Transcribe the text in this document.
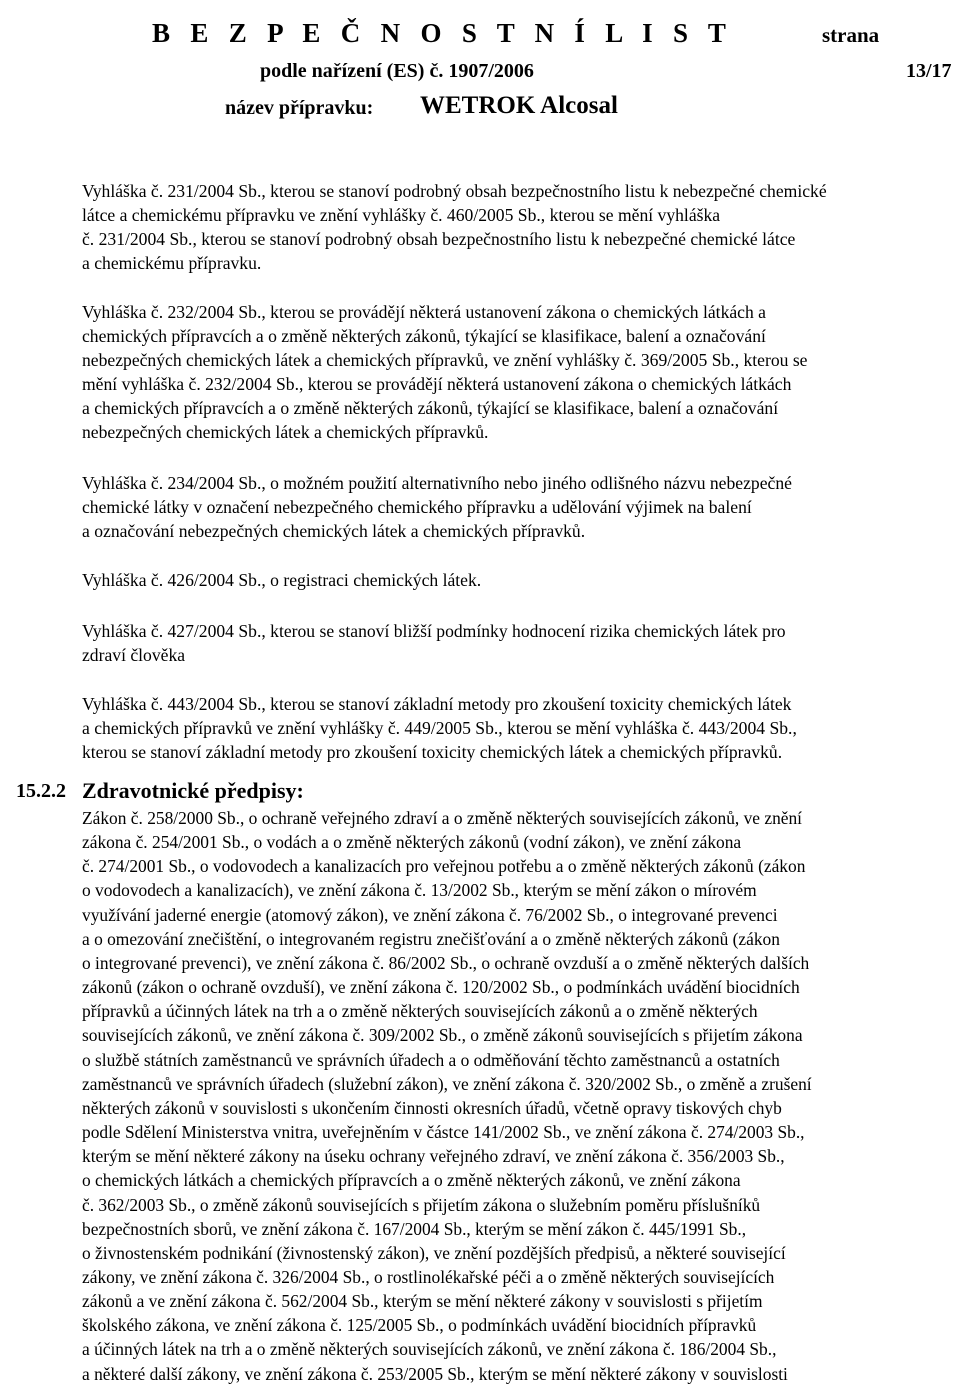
B E Z P E Č N O S T N Í L I S T	strana
podle nařízení (ES) č. 1907/2006	13/17
název přípravku: WETROK Alcosal

Vyhláška č. 231/2004 Sb., kterou se stanoví podrobný obsah bezpečnostního listu k nebezpečné chemické
látce a chemickému přípravku ve znění vyhlášky č. 460/2005 Sb., kterou se mění vyhláška
č. 231/2004 Sb., kterou se stanoví podrobný obsah bezpečnostního listu k nebezpečné chemické látce
a chemickému přípravku.

Vyhláška č. 232/2004 Sb., kterou se provádějí některá ustanovení zákona o chemických látkách a
chemických přípravcích a o změně některých zákonů, týkající se klasifikace, balení a označování
nebezpečných chemických látek a chemických přípravků, ve znění vyhlášky č. 369/2005 Sb., kterou se
mění vyhláška č. 232/2004 Sb., kterou se provádějí některá ustanovení zákona o chemických látkách
a chemických přípravcích a o změně některých zákonů, týkající se klasifikace, balení a označování
nebezpečných chemických látek a chemických přípravků.

Vyhláška č. 234/2004 Sb., o možném použití alternativního nebo jiného odlišného názvu nebezpečné
chemické látky v označení nebezpečného chemického přípravku a udělování výjimek na balení
a označování nebezpečných chemických látek a chemických přípravků.

Vyhláška č. 426/2004 Sb., o registraci chemických látek.

Vyhláška č. 427/2004 Sb., kterou se stanoví bližší podmínky hodnocení rizika chemických látek pro
zdraví člověka

Vyhláška č. 443/2004 Sb., kterou se stanoví základní metody pro zkoušení toxicity chemických látek
a chemických přípravků ve znění vyhlášky č. 449/2005 Sb., kterou se mění vyhláška č. 443/2004 Sb.,
kterou se stanoví základní metody pro zkoušení toxicity chemických látek a chemických přípravků.

15.2.2 Zdravotnické předpisy:

Zákon č. 258/2000 Sb., o ochraně veřejného zdraví a o změně některých souvisejících zákonů, ve znění
zákona č. 254/2001 Sb., o vodách a o změně některých zákonů (vodní zákon), ve znění zákona
č. 274/2001 Sb., o vodovodech a kanalizacích pro veřejnou potřebu a o změně některých zákonů (zákon
o vodovodech a kanalizacích), ve znění zákona č. 13/2002 Sb., kterým se mění zákon o mírovém
využívání jaderné energie (atomový zákon), ve znění zákona č. 76/2002 Sb., o integrované prevenci
a o omezování znečištění, o integrovaném registru znečišťování a o změně některých zákonů (zákon
o integrované prevenci), ve znění zákona č. 86/2002 Sb., o ochraně ovzduší a o změně některých dalších
zákonů (zákon o ochraně ovzduší), ve znění zákona č. 120/2002 Sb., o podmínkách uvádění biocidních
přípravků a účinných látek na trh a o změně některých souvisejících zákonů a o změně některých
souvisejících zákonů, ve znění zákona č. 309/2002 Sb., o změně zákonů souvisejících s přijetím zákona
o službě státních zaměstnanců ve správních úřadech a o odměňování těchto zaměstnanců a ostatních
zaměstnanců ve správních úřadech (služební zákon), ve znění zákona č. 320/2002 Sb., o změně a zrušení
některých zákonů v souvislosti s ukončením činnosti okresních úřadů, včetně opravy tiskových chyb
podle Sdělení Ministerstva vnitra, uveřejněním v částce 141/2002 Sb., ve znění zákona č. 274/2003 Sb.,
kterým se mění některé zákony na úseku ochrany veřejného zdraví, ve znění zákona č. 356/2003 Sb.,
o chemických látkách a chemických přípravcích a o změně některých zákonů, ve znění zákona
č. 362/2003 Sb., o změně zákonů souvisejících s přijetím zákona o služebním poměru příslušníků
bezpečnostních sborů, ve znění zákona č. 167/2004 Sb., kterým se mění zákon č. 445/1991 Sb.,
o živnostenském podnikání (živnostenský zákon), ve znění pozdějších předpisů, a některé související
zákony, ve znění zákona č. 326/2004 Sb., o rostlinolékařské péči a o změně některých souvisejících
zákonů a ve znění zákona č. 562/2004 Sb., kterým se mění některé zákony v souvislosti s přijetím
školského zákona, ve znění zákona č. 125/2005 Sb., o podmínkách uvádění biocidních přípravků
a účinných látek na trh a o změně některých souvisejících zákonů, ve znění zákona č. 186/2004 Sb.,
a některé další zákony, ve znění zákona č. 253/2005 Sb., kterým se mění některé zákony v souvislosti
